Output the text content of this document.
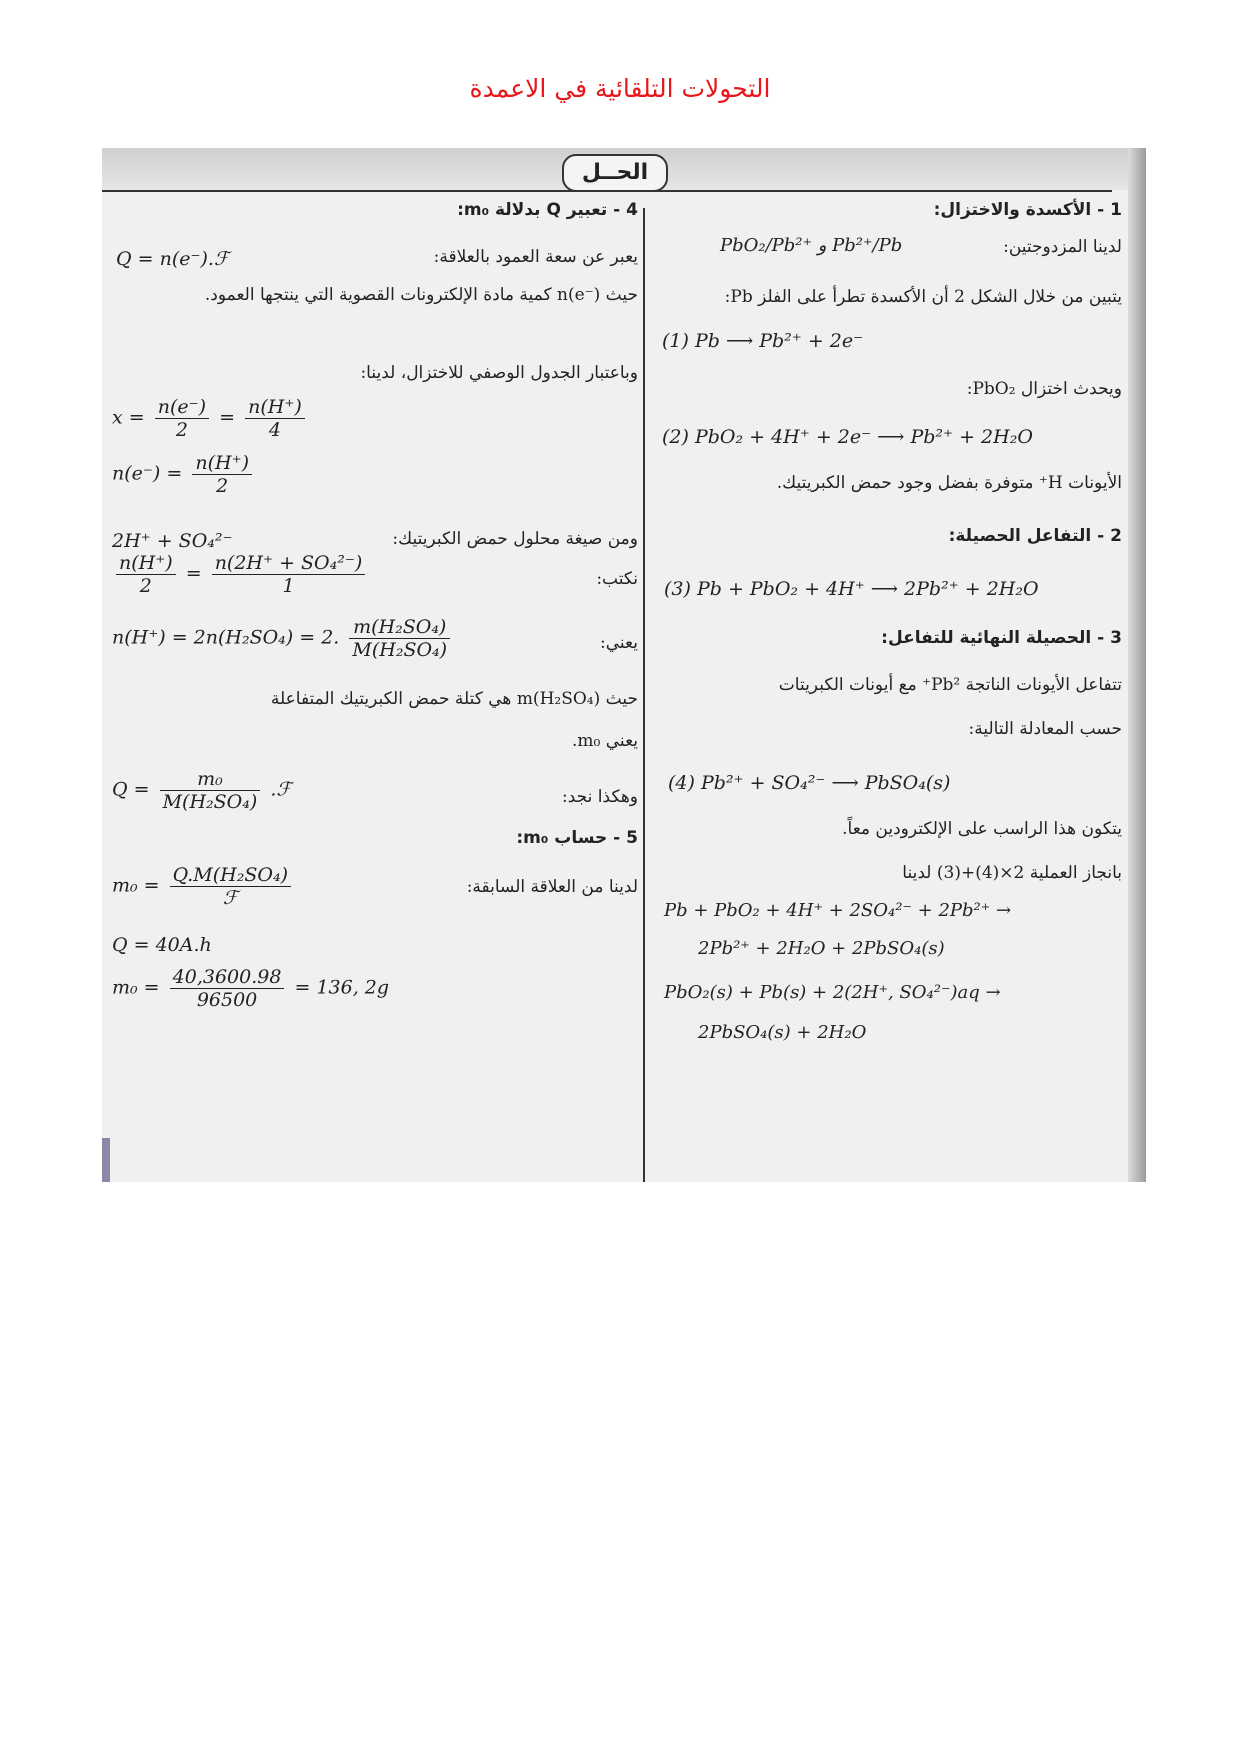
التحولات التلقائية في الاعمدة
الحــل
1 - الأكسدة والاختزال:
لدينا المزدوجتين:
PbO₂/Pb²⁺ و Pb²⁺/Pb
يتبين من خلال الشكل 2 أن الأكسدة تطرأ على الفلز Pb:
(1) Pb ⟶ Pb²⁺ + 2e⁻
ويحدث اختزال PbO₂:
(2) PbO₂ + 4H⁺ + 2e⁻ ⟶ Pb²⁺ + 2H₂O
الأيونات H⁺ متوفرة بفضل وجود حمض الكبريتيك.
2 - التفاعل الحصيلة:
(3) Pb + PbO₂ + 4H⁺ ⟶ 2Pb²⁺ + 2H₂O
3 - الحصيلة النهائية للتفاعل:
تتفاعل الأيونات الناتجة Pb²⁺ مع أيونات الكبريتات
حسب المعادلة التالية:
(4) Pb²⁺ + SO₄²⁻ ⟶ PbSO₄(s)
يتكون هذا الراسب على الإلكترودين معاً.
بانجاز العملية 2×(4)+(3) لدينا
Pb + PbO₂ + 4H⁺ + 2SO₄²⁻ + 2Pb²⁺ →
2Pb²⁺ + 2H₂O + 2PbSO₄(s)
PbO₂(s) + Pb(s) + 2(2H⁺, SO₄²⁻)aq →
2PbSO₄(s) + 2H₂O
4 - تعبير Q بدلالة m₀:
يعبر عن سعة العمود بالعلاقة:
Q = n(e⁻).ℱ
حيث n(e⁻) كمية مادة الإلكترونات القصوية التي ينتجها العمود.
وباعتبار الجدول الوصفي للاختزال، لدينا:
$x = \frac{n(e^-)}{2} = \frac{n(H^+)}{4}$
$n(e^-) = \frac{n(H^+)}{2}$
ومن صيغة محلول حمض الكبريتيك:
2H⁺ + SO₄²⁻
نكتب:
$\frac{n(H^+)}{2} = \frac{\text{n(2H⁺ + SO₄²⁻)}}{1}$
يعني:
n(H⁺) = 2n(H₂SO₄) = 2. $\frac{\text{m(H₂SO₄)}}{\text{M(H₂SO₄)}}$
حيث m(H₂SO₄) هي كتلة حمض الكبريتيك المتفاعلة
يعني m₀.
وهكذا نجد:
$Q = \frac{\text{m₀}}{\text{M(H₂SO₄)}}$ .ℱ
5 - حساب m₀:
لدينا من العلاقة السابقة:
$m_0 = \frac{\text{Q.M(H₂SO₄)}}{\text{ℱ}}$
Q = 40A.h
$m_0 = \frac{40,3600.98}{96500} = 136$, 2g
